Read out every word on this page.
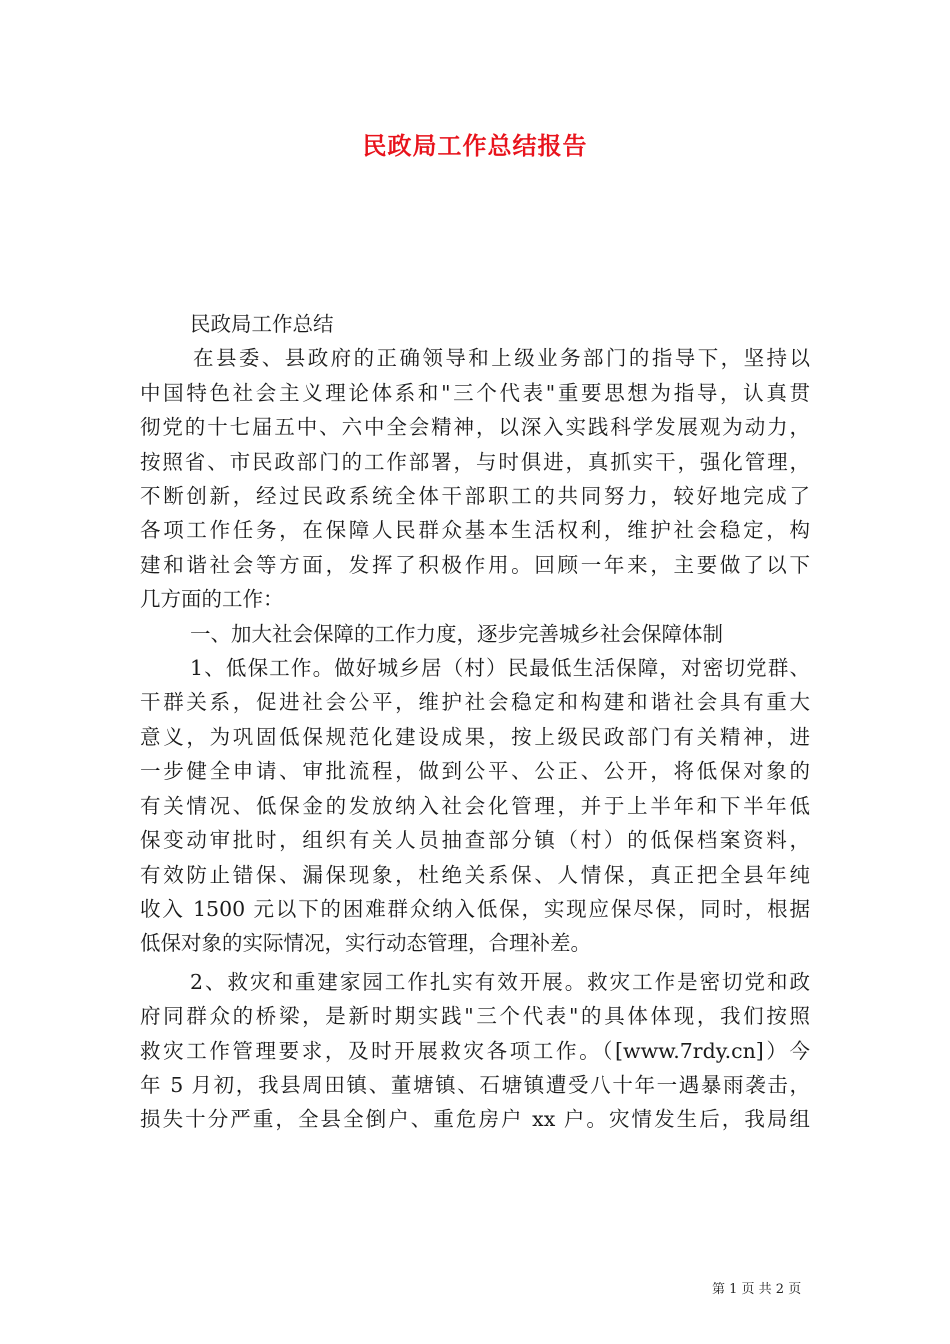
民政局工作总结报告
民政局工作总结
在县委、县政府的正确领导和上级业务部门的指导下，坚持以
中国特色社会主义理论体系和"三个代表"重要思想为指导，认真贯
彻党的十七届五中、六中全会精神，以深入实践科学发展观为动力，
按照省、市民政部门的工作部署，与时俱进，真抓实干，强化管理，
不断创新，经过民政系统全体干部职工的共同努力，较好地完成了
各项工作任务，在保障人民群众基本生活权利，维护社会稳定，构
建和谐社会等方面，发挥了积极作用。回顾一年来，主要做了以下
几方面的工作：
一、加大社会保障的工作力度，逐步完善城乡社会保障体制
1、低保工作。做好城乡居（村）民最低生活保障，对密切党群、
干群关系，促进社会公平，维护社会稳定和构建和谐社会具有重大
意义，为巩固低保规范化建设成果，按上级民政部门有关精神，进
一步健全申请、审批流程，做到公平、公正、公开，将低保对象的
有关情况、低保金的发放纳入社会化管理，并于上半年和下半年低
保变动审批时，组织有关人员抽查部分镇（村）的低保档案资料，
有效防止错保、漏保现象，杜绝关系保、人情保，真正把全县年纯
收入 1500 元以下的困难群众纳入低保，实现应保尽保，同时，根据
低保对象的实际情况，实行动态管理，合理补差。
2、救灾和重建家园工作扎实有效开展。救灾工作是密切党和政
府同群众的桥梁，是新时期实践"三个代表"的具体体现，我们按照
救灾工作管理要求，及时开展救灾各项工作。（[www.7rdy.cn]）今
年 5 月初，我县周田镇、董塘镇、石塘镇遭受八十年一遇暴雨袭击，
损失十分严重，全县全倒户、重危房户 xx 户。灾情发生后，我局组
第 1 页 共 2 页
